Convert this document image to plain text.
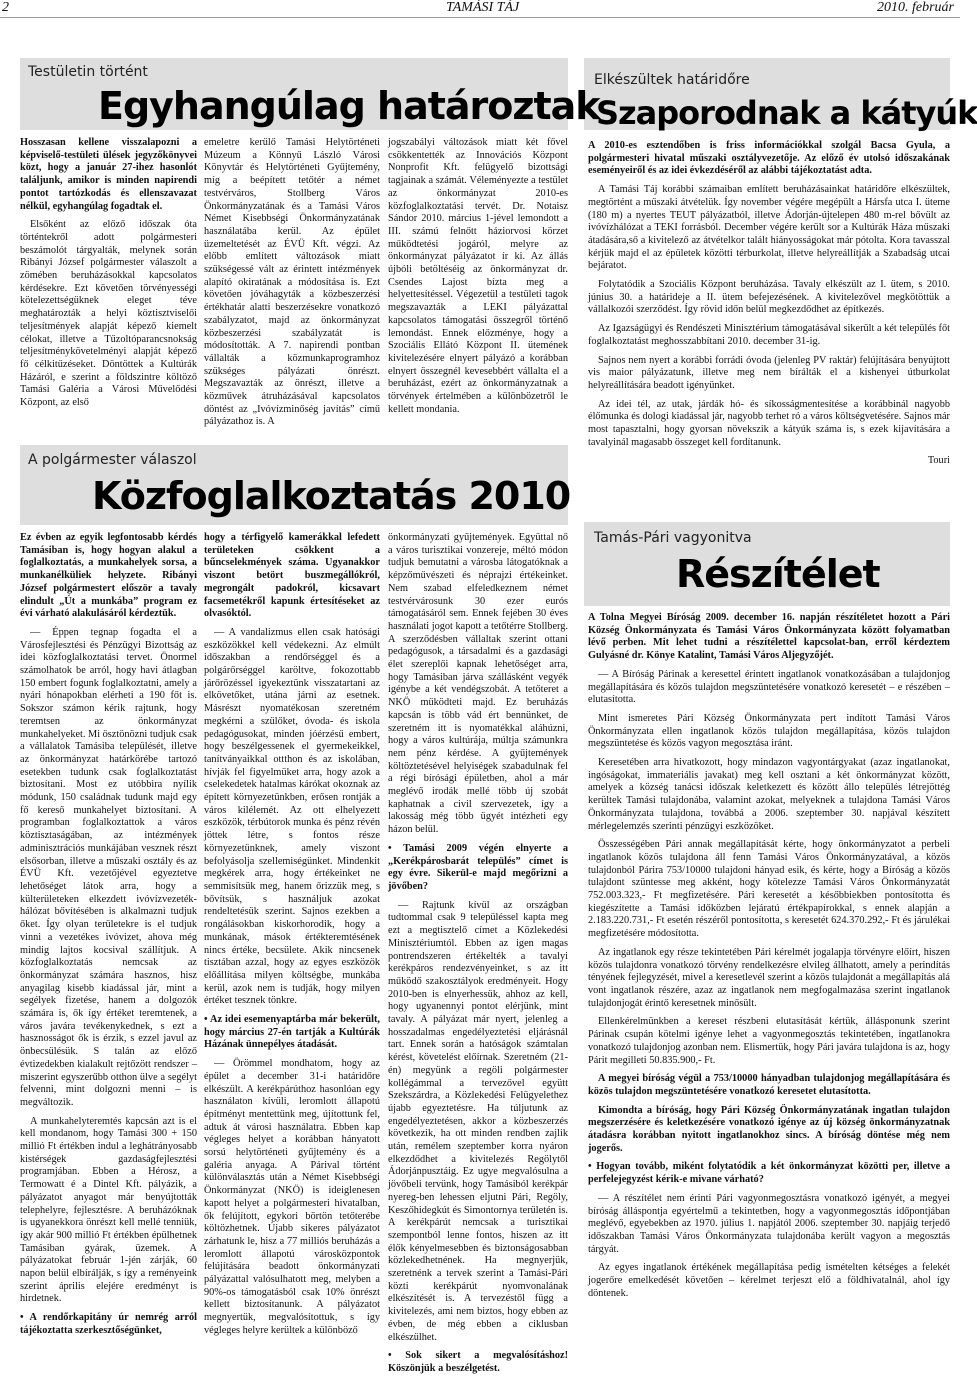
2	TAMÁSI TÁJ	2010. február
Testületin történt
Egyhangúlag határoztak

Hosszasan kellene visszalapozni a képviselő-testületi ülések jegyzőkönyvei közt, hogy a január 27-ihez hasonlót találjunk, amikor is minden napirendi pontot tartózkodás és ellenszavazat nélkül, egyhangúlag fogadtak el.

Elsőként az előző időszak óta történtekről adott polgármesteri beszámolót tárgyalták, melynek során Ribányi József polgármester válaszolt a zömében beruházásokkal kapcsolatos kérdésekre. Ezt követően törvényességi kötelezettségüknek eleget téve meghatározták a helyi köztisztviselői teljesítmények alapját képező kiemelt célokat, illetve a Tűzoltóparancsnokság teljesítménykövetelményi alapját képező fő célkitűzéseket. Döntöttek a Kultúrák Házáról, e szerint a földszintre költöző Tamási Galéria a Városi Művelődési Központ, az első

emeletre kerülő Tamási Helytörténeti Múzeum a Könnyű László Városi Könyvtár és Helytörténeti Gyűjtemény, míg a beépített tetőtér a német testvérváros, Stollberg Város Önkormányzatának és a Tamási Város Német Kisebbségi Önkormányzatának használatába kerül. Az épület üzemeltetését az ÉVÜ Kft. végzi. Az előbb említett változások miatt szükségessé vált az érintett intézmények alapító okiratának a módosítása is. Ezt követően jóváhagyták a közbeszerzési értékhatár alatti beszerzésekre vonatkozó szabályzatot, majd az önkormányzat közbeszerzési szabályzatát is módosították. A 7. napirendi pontban vállalták a közmunkaprogramhoz szükséges pályázati önrészt. Megszavazták az önrészt, illetve a közművek átruházásával kapcsolatos döntést az „Ivóvízminőség javítás” című pályázathoz is. A

jogszabályi változások miatt két fővel csökkentették az Innovációs Központ Nonprofit Kft. felügyelő bizottsági tagjainak a számát. Véleményezte a testület az önkormányzat 2010-es közfoglalkoztatási tervét. Dr. Notaisz Sándor 2010. március 1-jével lemondott a III. számú felnőtt háziorvosi körzet működtetési jogáról, melyre az önkormányzat pályázatot ír ki. Az állás újbóli betöltéséig az önkormányzat dr. Csendes Lajost bízta meg a helyettesítéssel. Végezetül a testületi tagok megszavazták a LEKI pályázattal kapcsolatos támogatási összegről történő lemondást. Ennek előzménye, hogy a Szociális Ellátó Központ II. ütemének kivitelezésére elnyert pályázó a korábban elnyert összegnél kevesebbért vállalta el a beruházást, ezért az önkormányzatnak a törvények értelmében a különbözetről le kellett mondania.

Elkészültek határidőre
Szaporodnak a kátyúk

A 2010-es esztendőben is friss információkkal szolgál Bacsa Gyula, a polgármesteri hivatal műszaki osztályvezetője. Az előző év utolsó időszakának eseményeiről és az idei évkezdéséről az alábbi tájékoztatást adta.

A Tamási Táj korábbi számaiban említett beruházásainkat határidőre elkészültek, megtörtént a műszaki átvételük. Így november végére megépült a Hársfa utca I. üteme (180 m) a nyertes TEUT pályázatból, illetve Ádorján-újtelepen 480 m-rel bővült az ivóvízhálózat a TEKI forrásból. December végére került sor a Kultúrák Háza műszaki átadására,ső a kivitelező az átvételkor talált hiányosságokat már pótolta. Kora tavasszal kérjük majd el az épületek közötti térburkolat, illetve helyreállítják a Szabadság utcai bejáratot.

Folytatódik a Szociális Központ beruházása. Tavaly elkészült az I. ütem, s 2010. június 30. a határideje a II. ütem befejezésének. A kivitelezővel megkötöttük a vállalkozói szerződést. Így rövid időn belül megkezdődhet az építkezés.

Az Igazságügyi és Rendészeti Minisztérium támogatásával sikerült a két település főt foglalkoztatást meghosszabbítani 2010. december 31-ig.

Sajnos nem nyert a korábbi forrádi óvoda (jelenleg PV raktár) felújítására benyújtott vis maior pályázatunk, illetve meg nem bírálták el a kishenyei útburkolat helyreállítására beadott igényünket.

Az idei tél, az utak, járdák hó- és síkosságmentesítése a korábbinál nagyobb élőmunka és dologi kiadással jár, nagyobb terhet ró a város költségvetésére. Sajnos már most tapasztalni, hogy gyorsan növekszik a kátyúk száma is, s ezek kijavítására a tavalyinál magasabb összeget kell fordítanunk.

Touri

A polgármester válaszol
Közfoglalkoztatás 2010

Ez évben az egyik legfontosabb kérdés Tamásiban is, hogy hogyan alakul a foglalkoztatás, a munkahelyek sorsa, a munkanélküliek helyzete. Ribányi József polgármestert először a tavaly elindult „Út a munkába” program ez évi várható alakulásáról kérdeztük.

— Éppen tegnap fogadta el a Városfejlesztési és Pénzügyi Bizottság az idei közfoglalkoztatási tervet. Önormel számolhatok be arról, hogy havi átlagban 150 embert fogunk foglalkoztatni, amely a nyári hónapokban elérheti a 190 főt is. Sokszor számon kérik rajtunk, hogy teremtsen az önkormányzat munkahelyeket. Mi ösztönözni tudjuk csak a vállalatok Tamásiba települését, illetve az önkormányzat határkörébe tartozó esetekben tudunk csak foglalkoztatást biztosítani. Most ez utóbbira nyílik módunk, 150 családnak tudunk majd egy fő kereső munkahelyet biztosítani. A programban foglalkoztattok a város köztisztaságában, az intézmények adminisztrációs munkájában vesznek részt elsősorban, illetve a műszaki osztály és az ÉVÜ Kft. vezetőjével egyeztetve lehetőséget látok arra, hogy a külterületeken elkezdett ivóvízvezeték-hálózat bővítésében is alkalmazni tudjuk őket. Így olyan területekre is el tudjuk vinni a vezetékes ivóvizet, ahova még mindig lajtos kocsival szállítjuk. A közfoglalkoztatás nemcsak az önkormányzat számára hasznos, hisz anyagilag kisebb kiadással jár, mint a segélyek fizetése, hanem a dolgozók számára is, ők így értéket teremtenek, a város javára tevékenykednek, s ezt a hasznosságot ők is érzik, s ezzel javul az önbecsülésük. S talán az előző évtizedekben kialakult rejtőzött rendszer – miszerint egyszerűbb otthon ülve a segélyt felvenni, mint dolgozni menni – is megváltozik.

A munkahelyteremtés kapcsán azt is el kell mondanom, hogy Tamási 300 + 150 millió Ft értékben indul a leghátrányosabb kistérségek gazdaságfejlesztési programjában. Ebben a Hérosz, a Termowatt é a Dintel Kft. pályázik, a pályázatot anyagot már benyújtották telephelyre, fejlesztésre. A beruházóknak is ugyanekkora önrészt kell mellé tenniük, így akár 900 millió Ft értékben épülhetnek Tamásiban gyárak, üzemek. A pályázatokat február 1-jén zárják, 60 napon belül elbírálják, s így a reményeink szerint április elejére eredményt is hirdetnek.

• A rendőrkapitány úr nemrég arról tájékoztatta szerkesztőségünket,

hogy a térfigyelő kamerákkal lefedett területeken csökkent a bűncselekmények száma. Ugyanakkor viszont betört buszmegállókról, megrongált padokról, kicsavart facsemetékről kapunk értesítéseket az olvasóktól.

— A vandalizmus ellen csak hatósági eszközökkel kell védekezni. Az elmúlt időszakban a rendőrséggel és a polgárőrséggel karöltve, fokozottabb járőrözéssel igyekeztünk visszatartani az elkövetőket, utána járni az esetnek. Másrészt nyomatékosan szeretném megkérni a szülőket, óvoda- és iskola pedagógusokat, minden jóérzésű embert, hogy beszélgessenek el gyermekeikkel, tanítványaikkal ottthon és az iskolában, hívják fel figyelmüket arra, hogy azok a cselekedetek hatalmas kárókat okoznak az épített környezetünkben, erősen rontják a város kilélemét. Az ott elhelyezett eszközök, térbútorok munka és pénz révén jöttek létre, s fontos része környezetünknek, amely viszont befolyásolja szellemiségünket. Mindenkit megkérek arra, hogy értékeinket ne semmisítsük meg, hanem őrizzük meg, s bővítsük, s használjuk azokat rendeltetésük szerint. Sajnos ezekben a rongálásokban kiskorhorodik, hogy a munkának, mások értékteremtésének nincs értéke, becsülete. Akik nincsenek tisztában azzal, hogy az egyes eszközök előállítása milyen költségbe, munkába kerül, azok nem is tudják, hogy milyen értéket tesznek tönkre.

• Az idei esemenyaptárba már bekerült, hogy március 27-én tartják a Kultúrák Házának ünnepélyes átadását.

— Örömmel mondhatom, hogy az épület a december 31-i határidőre elkészült. A kerékpárúthoz hasonlóan egy használaton kívüli, leromlott állapotú építményt mentettünk meg, újítottunk fel, adtuk át városi használatra. Ebben kap végleges helyet a korábban hányatott sorsú helytörténeti gyűjtemény és a galéria anyaga. A Párival történt különválasztás után a Német Kisebbségi Önkormányzat (NKÖ) is ideiglenesen kapott helyet a polgármesteri hivatalban, ők felújított, egykori börtön tetőterébe költözhetnek. Újabb sikeres pályázatot zárhatunk le, hisz a 77 milliós beruházás a leromlott állapotú városközpontok felújítására beadott önkormányzati pályázattal valósulhatott meg, melyben a 90%-os támogatásból csak 10% önrészt kellett biztosítanunk. A pályázatot megnyertük, megvalósítottuk, s így végleges helyre kerültek a különböző

önkormányzati gyűjtemények. Együttal nő a város turisztikai vonzereje, méltó módon tudjuk bemutatni a városba látogatóknak a képzőművészeti és néprajzi értékeinket. Nem szabad elfeledkeznem német testvérvárosunk 30 ezer eurós támogatásáról sem. Ennek fejében 30 éves használati jogot kapott a tetőtérre Stollberg. A szerződésben vállaltak szerint ottani pedagógusok, a társadalmi és a gazdasági élet szereplői kapnak lehetőséget arra, hogy Tamásiban járva szállásként vegyék igénybe a két vendégszobát. A tetőteret a NKÖ működteti majd. Ez beruházás kapcsán is több vád ért bennünket, de szeretném itt is nyomatékkal aláhúzni, hogy a város kultúrája, múltja számunkra nem pénz kérdése. A gyűjtemények költöztetésével helyiségek szabadulnak fel a régi bírósági épületben, ahol a már meglévő irodák mellé több új szobát kaphatnak a civil szervezetek, így a lakosság még több ügyét intézheti egy házon belül.

• Tamási 2009 végén elnyerte a „Kerékpárosbarát település” címet is egy évre. Sikerül-e majd megőrizni a jövőben?

— Rajtunk kívül az országban tudtommal csak 9 településsel kapta meg ezt a megtisztelő címet a Közlekedési Minisztériumtól. Ebben az igen magas pontrendszeren értékelték a tavalyi kerékpáros rendezvényeinket, s az itt működő szakosztályok eredményeit. Hogy 2010-ben is elnyerhessük, ahhoz az kell, hogy ugyanennyi pontot elérjünk, mint tavaly. A pályázat már nyert, jelenleg a hosszadalmas engedélyeztetési eljárásnál tart. Ennek során a hatóságok számtalan kérést, követelést előírnak. Szeretném (21-én) megyünk a regöli polgármester kollégámmal a tervezővel együtt Szekszárdra, a Közlekedési Felügyelethez újabb egyeztetésre. Ha túljutunk az engedélyeztetésen, akkor a közbeszerzés következik, ha ott minden rendben zajlik után, remélem szeptember korra nyáron elkezdődhet a kivitelezés Regölytől Ádorjánpusztáig. Ez ugye megvalósulna a jövőbeli tervünk, hogy Tamásiból kerékpár nyereg-ben lehessen eljutni Pári, Regöly, Keszőhidegkút és Simontornya területén is. A kerékpárút nemcsak a turisztikai szempontból lenne fontos, hiszen az itt élők kényelmesebben és biztonságosabban közlekedhetnének. Ha megnyerjük, szeretnénk a tervek szerint a Tamási-Pári közti kerékpárút nyomvonalának elkészítését is. A tervezéstől függ a kivitelezés, ami nem biztos, hogy ebben az évben, de még ebben a ciklusban elkészülhet.

• Sok sikert a megvalósításhoz! Köszönjük a beszélgetést.

Tamás-Pári vagyonitva
Részítélet

A Tolna Megyei Bíróság 2009. december 16. napján részítéletet hozott a Pári Község Önkormányzata és Tamási Város Önkormányzata között folyamatban lévő perben. Mit lehet tudni a részítélettel kapcsolat-ban, erről kérdeztem Gulyásné dr. Könye Katalint, Tamási Város Aljegyzőjét.

— A Bíróság Párinak a keresettel érintett ingatlanok vonatkozásában a tulajdonjog megállapítására és közös tulajdon megszüntetésére vonatkozó keresetét – e részében – elutasította.

Mint ismeretes Pári Község Önkormányzata pert indított Tamási Város Önkormányzata ellen ingatlanok közös tulajdon megállapítása, közös tulajdon megszüntetése és közös vagyon megosztása iránt.

Keresetében arra hivatkozott, hogy mindazon vagyontárgyakat (azaz ingatlanokat, ingóságokat, immateriális javakat) meg kell osztani a két önkormányzat között, amelyek a község tanácsi időszak keletkezett és között állo település létrejöttég kerültek Tamási tulajdonába, valamint azokat, melyeknek a tulajdona Tamási Város Önkormányzata tulajdona, továbbá a 2006. szeptember 30. napjával készített mérlegelemzés szerinti pénzügyi eszközöket.

Összességében Pári annak megállapítását kérte, hogy önkormányzatot a perbeli ingatlanok közös tulajdona áll fenn Tamási Város Önkormányzatával, a közös tulajdonból Párira 753/10000 tulajdoni hányad esik, és kérte, hogy a Bíróság a közös tulajdont szüntesse meg akként, hogy kötelezze Tamási Város Önkormányzatát 752.003.323,- Ft megfizetésére. Pári keresetét a későbbiekben pontosította és kiegészítette a Tamási időközben lejáratú értékpapírokkal, s ennek alapján a 2.183.220.731,- Ft esetén részéről pontosította, s keresetét 624.370.292,- Ft és járulékai megfizetésére módosította.

Az ingatlanok egy része tekintetében Pári kérelmét jogalapja törvényre előírt, hiszen közös tulajdonra vonatkozó törvény rendelkezésre elvileg állhatott, amely a perindítás tényének fejlegyzését, mivel a keresetlevél szerint a közös tulajdonát a megállapítás alá vont ingatlanok részére, azaz az ingatlanok nem megfogalmazása szerint ingatlanok tulajdonjogát érintő keresetnek minősült.

Ellenkérelmünkben a kereset részbeni elutasítását kértük, állásponunk szerint Párinak csupán kötelmi igénye lehet a vagyonmegosztás tekintetében, ingatlanokra vonatkozó tulajdonjog azonban nem. Elismertük, hogy Pári javára tulajdona is az, hogy Párit megilleti 50.835.900,- Ft.

A megyei bíróság végül a 753/10000 hányadban tulajdonjog megállapítására és közös tulajdon megszüntetésére vonatkozó keresetet elutasította.

Kimondta a bíróság, hogy Pári Község Önkormányzatának ingatlan tulajdon megszerzésére és keletkezésére vonatkozó igénye az új község önkormányzatnak átadásra korábban nyitott ingatlanokhoz sincs. A bíróság döntése még nem jogerős.

• Hogyan tovább, miként folytatódik a két önkormányzat közötti per, illetve a perfelejegyzést kérik-e mivane várható?

— A részítélet nem érinti Pári vagyonmegosztásra vonatkozó igényét, a megyei bíróság álláspontja egyértelmű a tekintetben, hogy a vagyonmegosztás időpontjában meglévő, egyebekben az 1970. július 1. napjától 2006. szeptember 30. napjáig terjedő időszakban Tamási Város Önkormányzata tulajdonába került vagyon a megosztás tárgyát.

Az egyes ingatlanok értékének megállapítása pedig ismételten kétséges a felekét jogerőre emelkedését követően – kérelmet terjeszt elő a földhivatalnál, ahol így döntenek.
